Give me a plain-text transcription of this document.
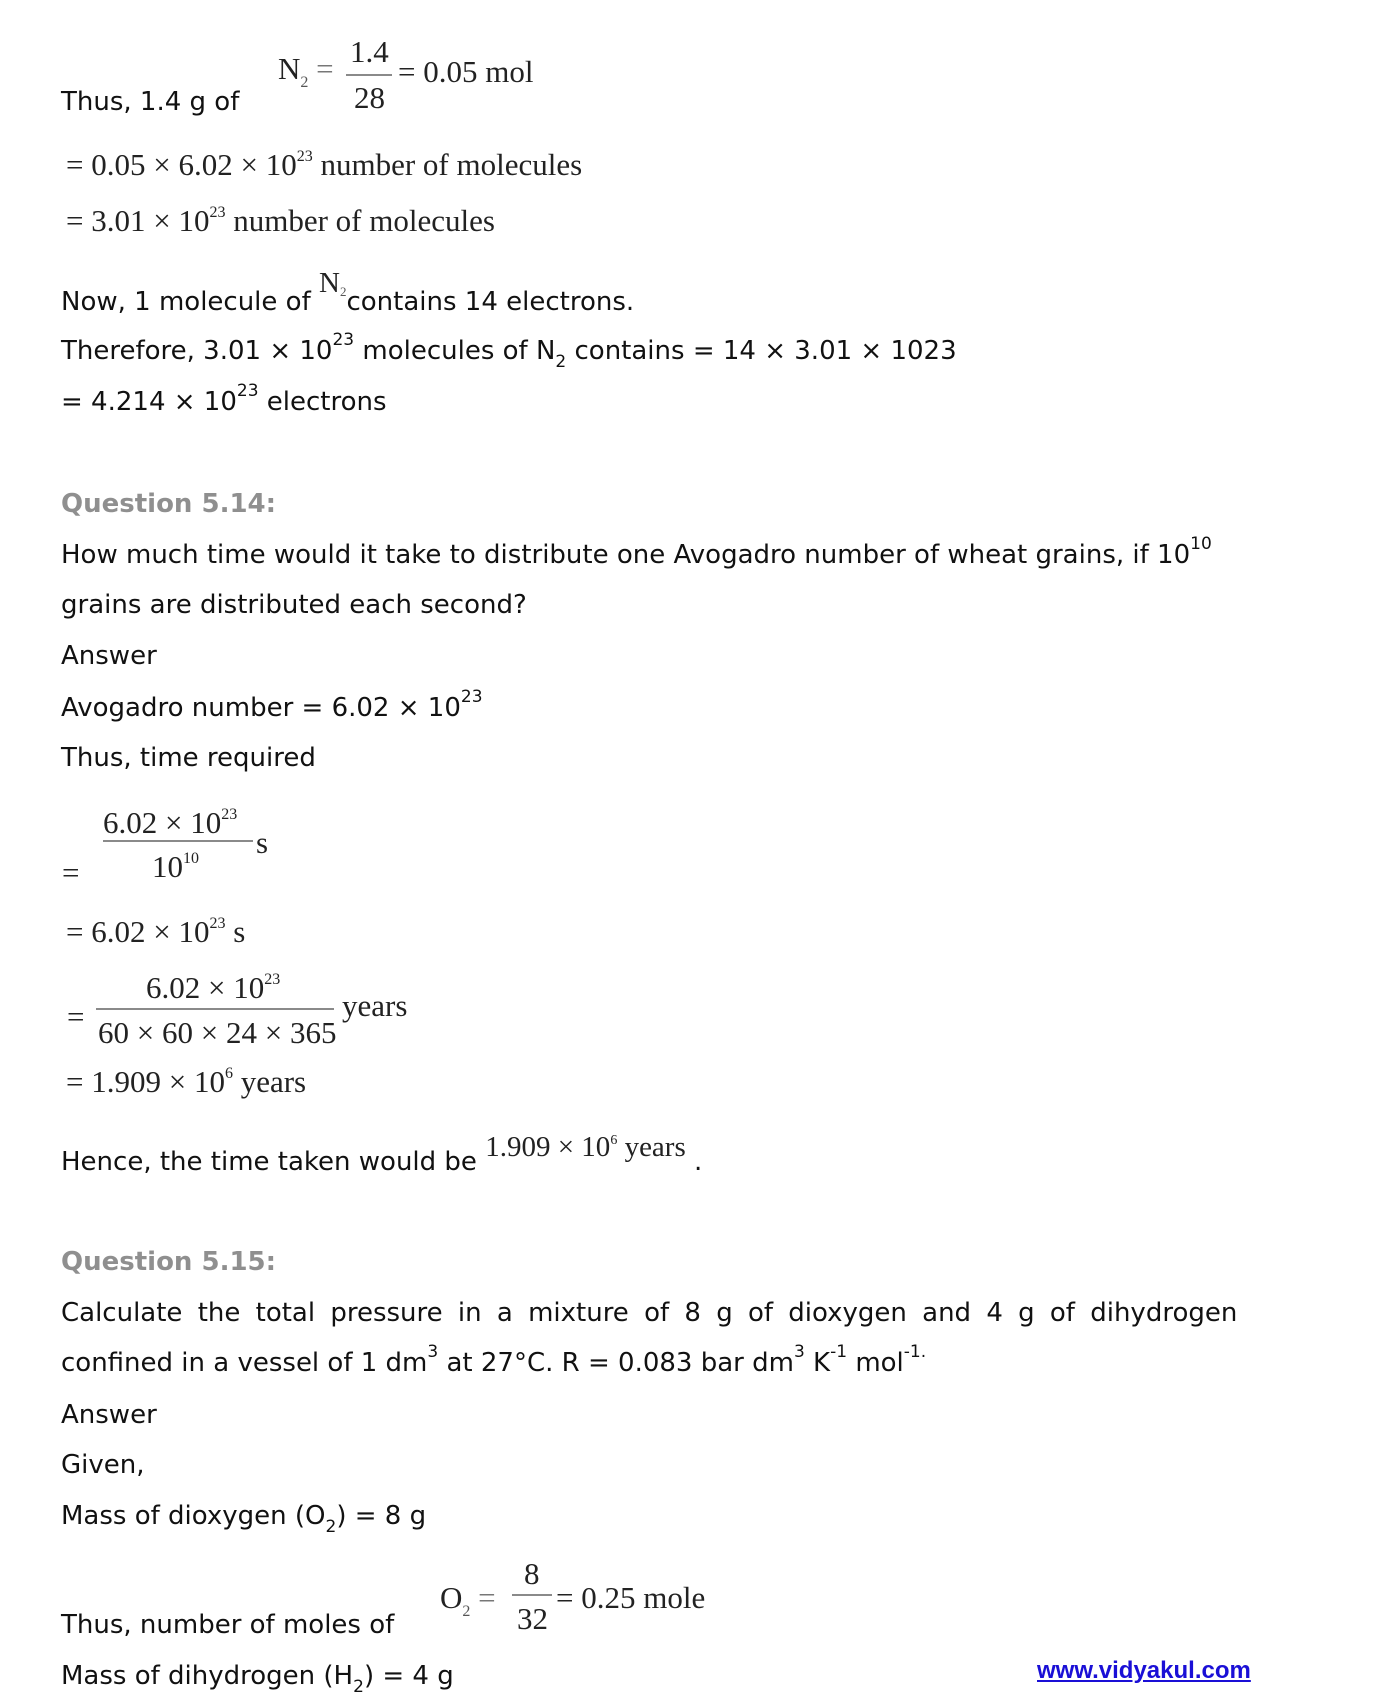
$N_2 = 1.4$
28
= 0.05 mol
Thus, 1.4 g of
= $0.05 \times 6.02 \times 10^{23}$ number of molecules
= $3.01 \times 10^{23}$ number of molecules
Now, 1 molecule of N2contains 14 electrons.
Therefore, $3.01 \times 10^{23}$ molecules of $N_2$ contains = 14 × 3.01 × 1023
= $4.214 \times 10^{23}$ electrons
Question 5.14:
How much time would it take to distribute one Avogadro number of wheat grains, if $10^{10}$
grains are distributed each second?
Answer
Avogadro number = $6.02 \times 10^{23}$
Thus, time required
=
$6.02 \times 10^{23}$
$10^{10}$ s
= $6.02 \times 10^{23}$ s
=
$6.02 \times 10^{23}$
60 × 60 × 24 × 365
years
= $1.909 \times 10^6$ years
Hence, the time taken would be $1.909 \times 10^6$ years .
Question 5.15:
Calculate the total pressure in a mixture of 8 g of dioxygen and 4 g of dihydrogen
confined in a vessel of 1 $dm^3$ at 27°C. R = 0.083 bar $dm^3$ $K^{-1}$ mol$^{-1.}$
Answer
Given,
Mass of dioxygen $(O_2) = 8$ g
$O_2$ =
8
32
= 0.25 mole
Thus, number of moles of
Mass of dihydrogen $(H_2) = 4$ g	www.vidyakul.com
